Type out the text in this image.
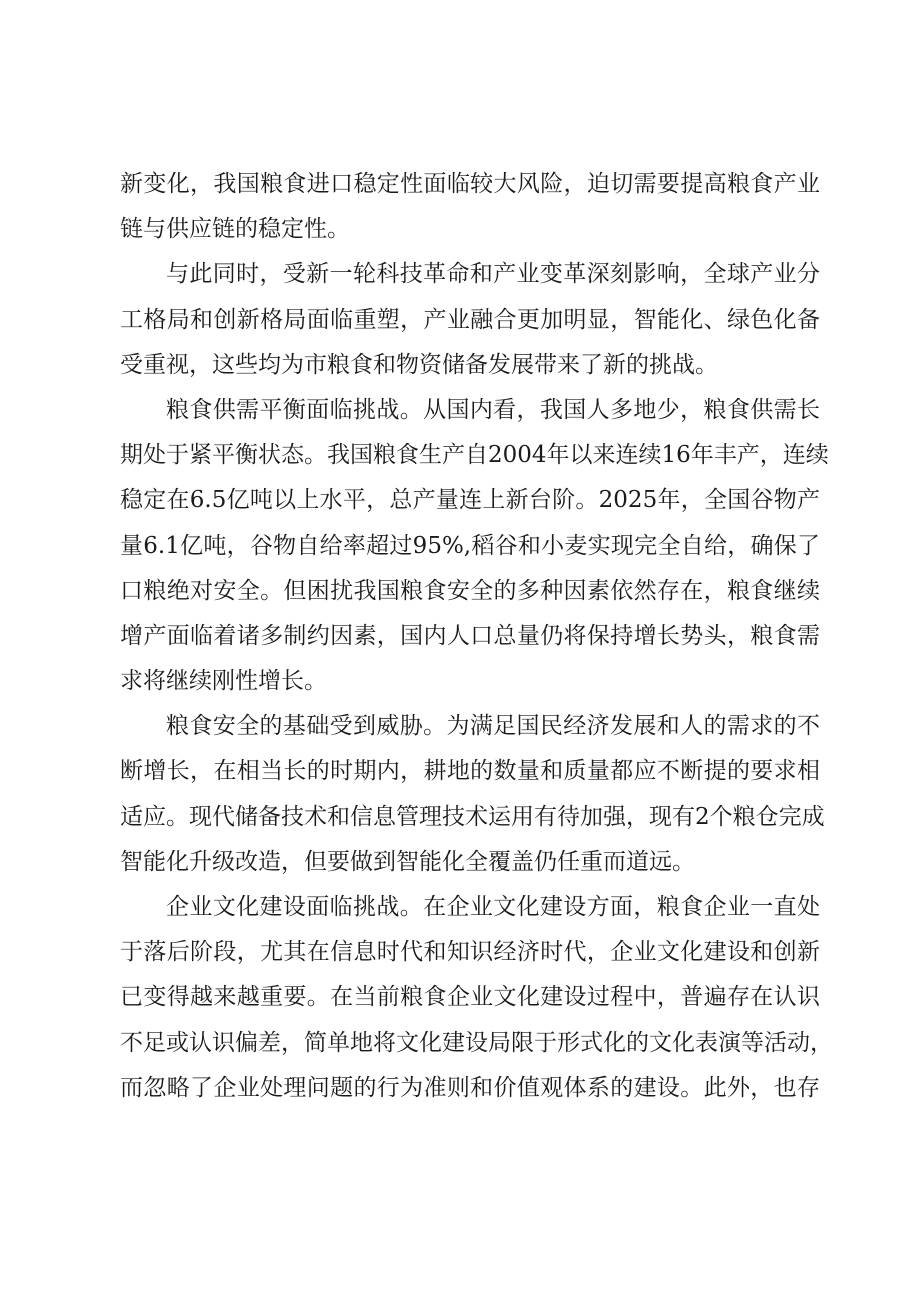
新变化，我国粮食进口稳定性面临较大风险，迫切需要提高粮食产业
链与供应链的稳定性。
与此同时，受新一轮科技革命和产业变革深刻影响，全球产业分
工格局和创新格局面临重塑，产业融合更加明显，智能化、绿色化备
受重视，这些均为市粮食和物资储备发展带来了新的挑战。
粮食供需平衡面临挑战。从国内看，我国人多地少，粮食供需长
期处于紧平衡状态。我国粮食生产自2004年以来连续16年丰产，连续
稳定在6.5亿吨以上水平，总产量连上新台阶。2025年，全国谷物产
量6.1亿吨，谷物自给率超过95%,稻谷和小麦实现完全自给，确保了
口粮绝对安全。但困扰我国粮食安全的多种因素依然存在，粮食继续
增产面临着诸多制约因素，国内人口总量仍将保持增长势头，粮食需
求将继续刚性增长。
粮食安全的基础受到威胁。为满足国民经济发展和人的需求的不
断增长，在相当长的时期内，耕地的数量和质量都应不断提的要求相
适应。现代储备技术和信息管理技术运用有待加强，现有2个粮仓完成
智能化升级改造，但要做到智能化全覆盖仍任重而道远。
企业文化建设面临挑战。在企业文化建设方面，粮食企业一直处
于落后阶段，尤其在信息时代和知识经济时代，企业文化建设和创新
已变得越来越重要。在当前粮食企业文化建设过程中，普遍存在认识
不足或认识偏差，简单地将文化建设局限于形式化的文化表演等活动，
而忽略了企业处理问题的行为准则和价值观体系的建设。此外，也存
